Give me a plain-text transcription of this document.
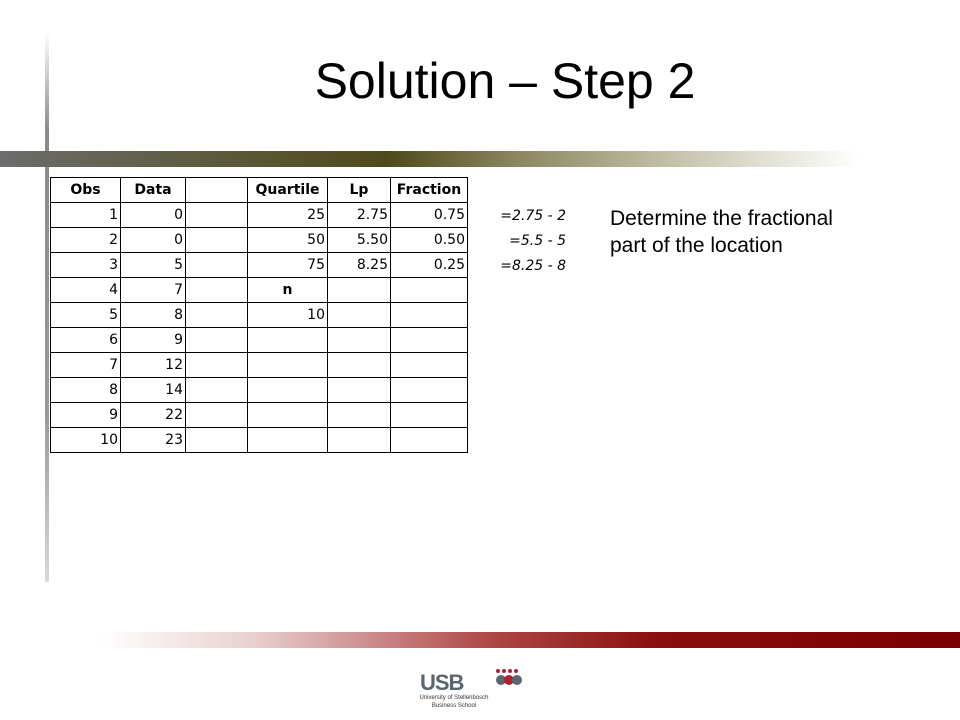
Solution – Step 2
Obs	Data		Quartile	Lp	Fraction
1	0		25	2.75	0.75
2	0		50	5.50	0.50
3	5		75	8.25	0.25
4	7		n		
5	8		10		
6	9				
7	12				
8	14				
9	22				
10	23				
=2.75 - 2
=5.5 - 5
=8.25 - 8
Determine the fractional part of the location
USB
University of Stellenbosch
Business School
